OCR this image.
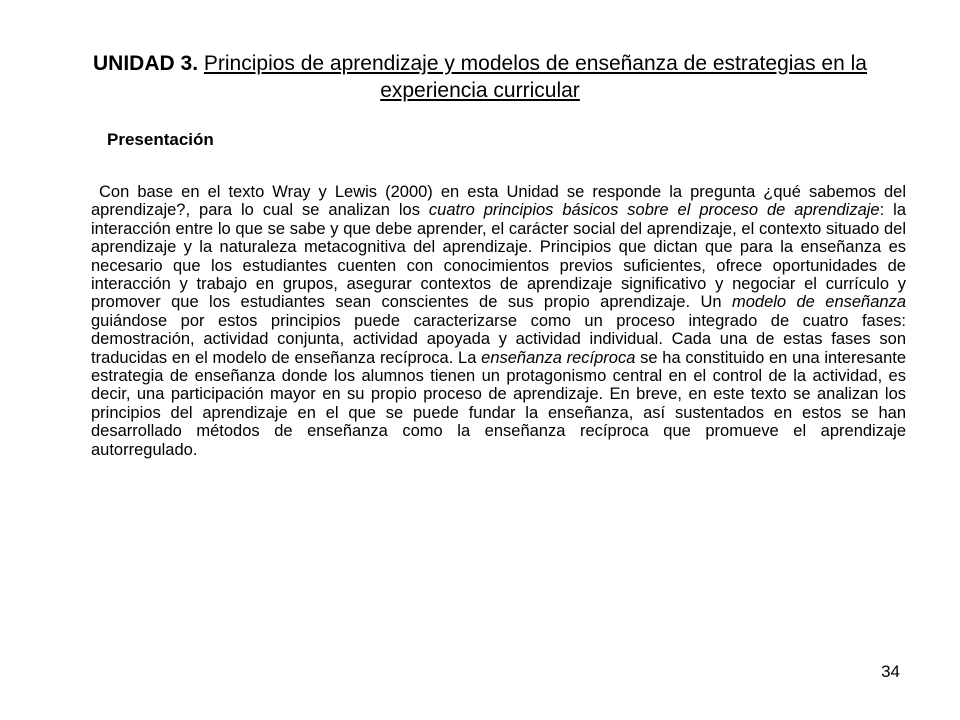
UNIDAD 3. Principios de aprendizaje y modelos de enseñanza de estrategias en la experiencia curricular
Presentación

Con base en el texto Wray y Lewis (2000) en esta Unidad se responde la pregunta ¿qué sabemos del aprendizaje?, para lo cual se analizan los cuatro principios básicos sobre el proceso de aprendizaje: la interacción entre lo que se sabe y que debe aprender, el carácter social del aprendizaje, el contexto situado del aprendizaje y la naturaleza metacognitiva del aprendizaje. Principios que dictan que para la enseñanza es necesario que los estudiantes cuenten con conocimientos previos suficientes, ofrece oportunidades de interacción y trabajo en grupos, asegurar contextos de aprendizaje significativo y negociar el currículo y promover que los estudiantes sean conscientes de sus propio aprendizaje. Un modelo de enseñanza guiándose por estos principios puede caracterizarse como un proceso integrado de cuatro fases: demostración, actividad conjunta, actividad apoyada y actividad individual. Cada una de estas fases son traducidas en el modelo de enseñanza recíproca. La enseñanza recíproca se ha constituido en una interesante estrategia de enseñanza donde los alumnos tienen un protagonismo central en el control de la actividad, es decir, una participación mayor en su propio proceso de aprendizaje. En breve, en este texto se analizan los principios del aprendizaje en el que se puede fundar la enseñanza, así sustentados en estos se han desarrollado métodos de enseñanza como la enseñanza recíproca que promueve el aprendizaje autorregulado.

34
